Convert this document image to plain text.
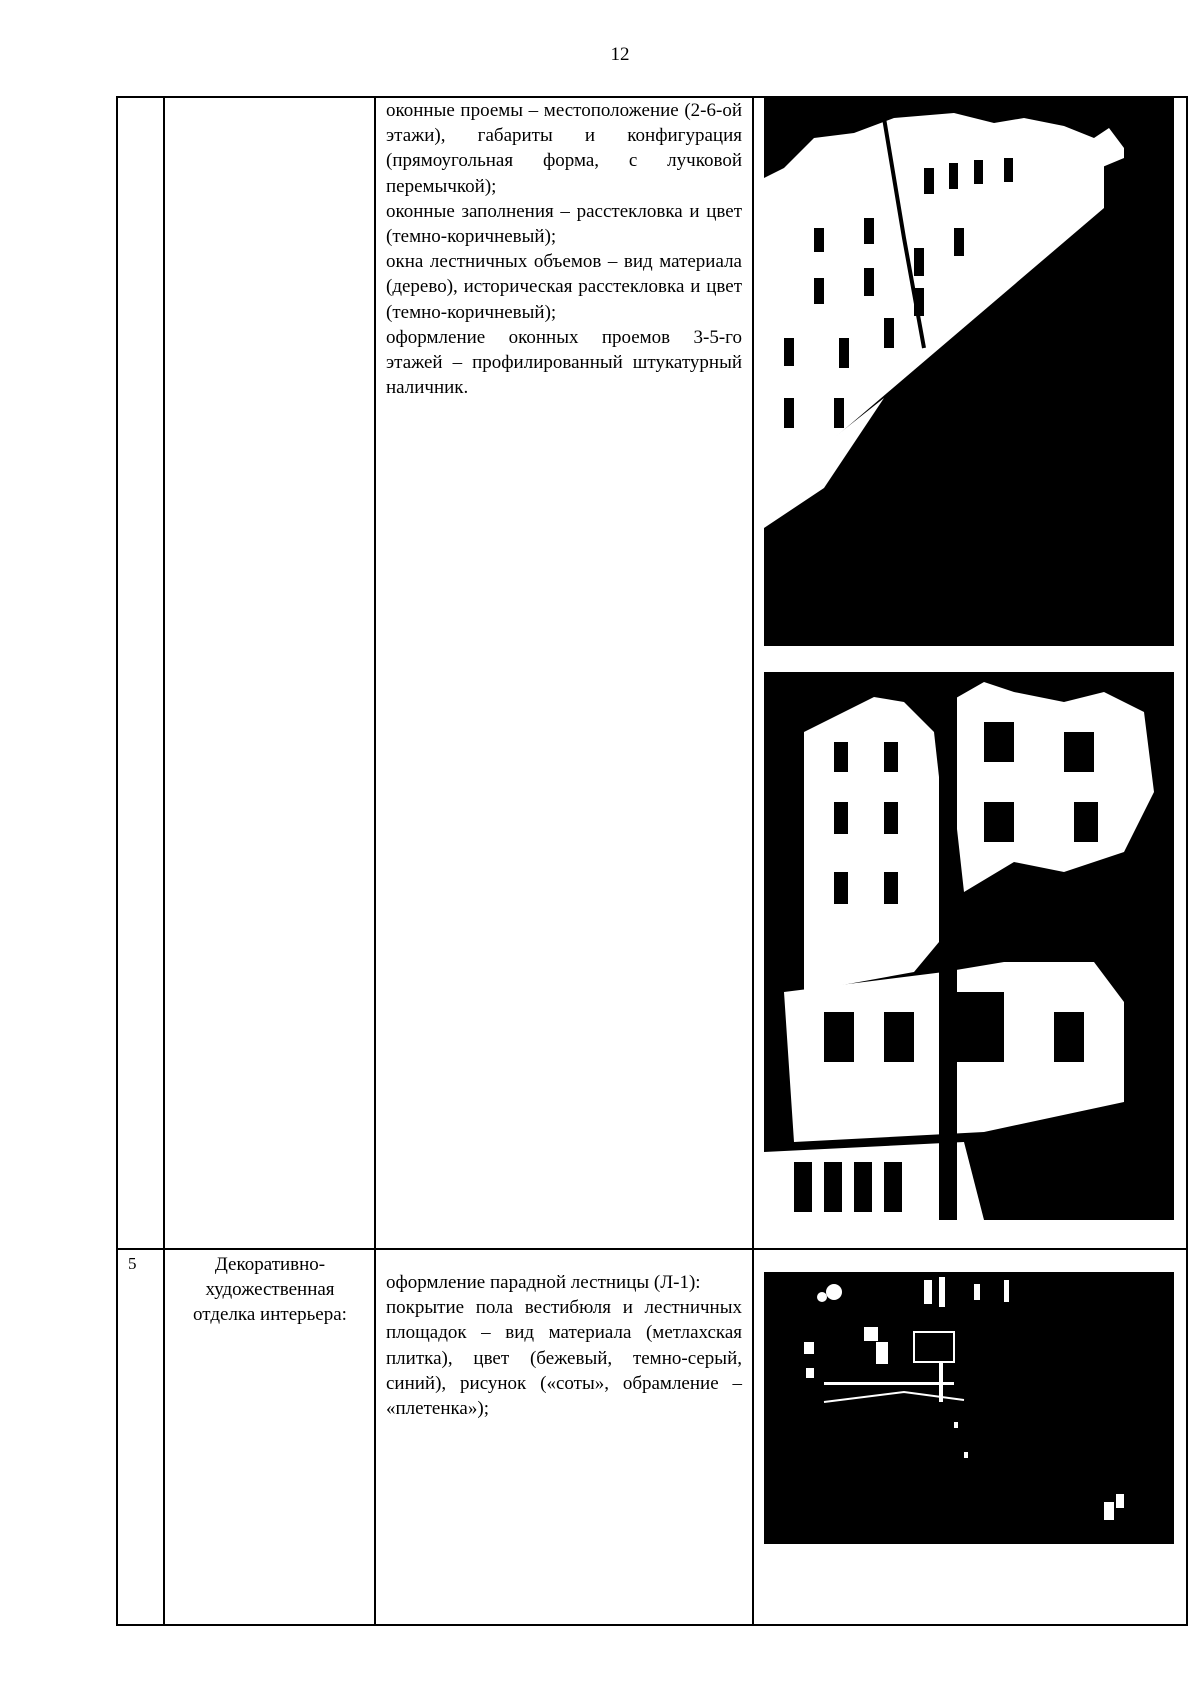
12
оконные проемы – местоположение (2-6-ой этажи), габариты и конфигурация (прямоугольная форма, с лучковой перемычкой);
оконные заполнения – расстекловка и цвет (темно-коричневый);
окна лестничных объемов – вид материала (дерево), историческая расстекловка и цвет (темно-коричневый);
оформление оконных проемов 3-5-го этажей – профилированный штукатурный наличник.
5	Декоративно-художественная отделка интерьера:
оформление парадной лестницы (Л-1):
покрытие пола вестибюля и лестничных площадок – вид материала (метлахская плитка), цвет (бежевый, темно-серый, синий), рисунок («соты», обрамление – «плетенка»);
